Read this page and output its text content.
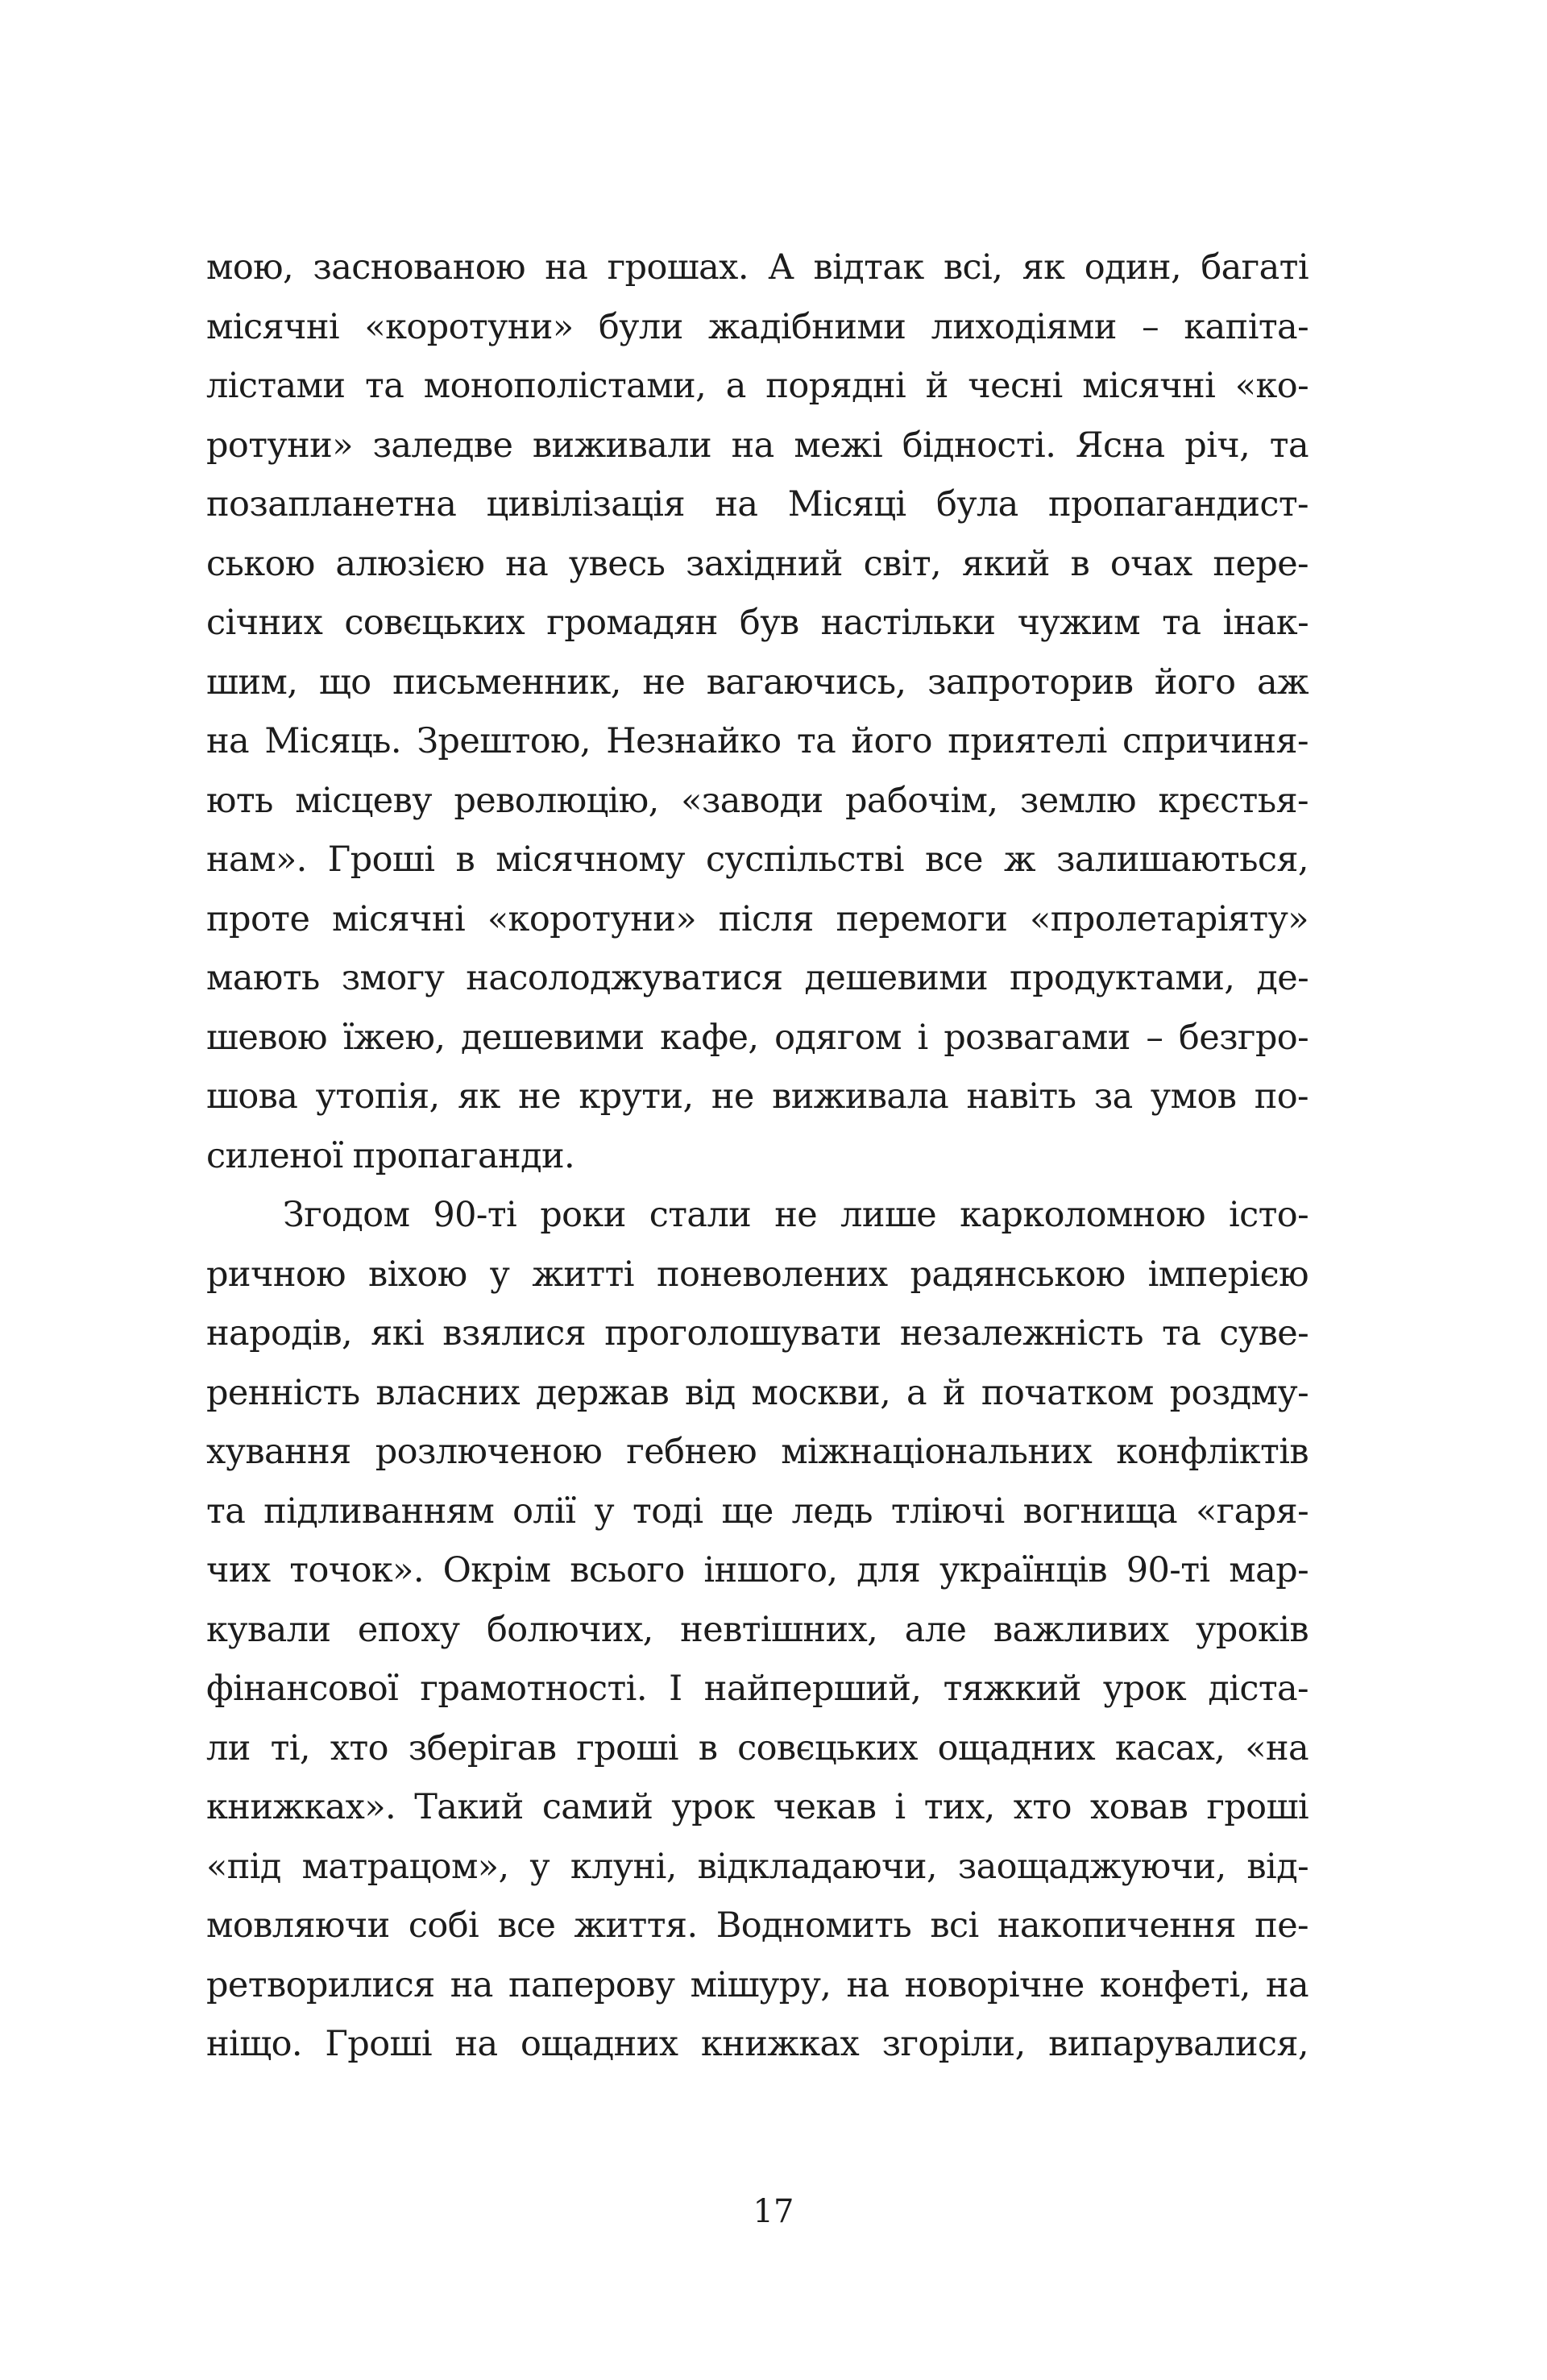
мою, заснованою на грошах. А відтак всі, як один, багаті
місячні «коротуни» були жадібними лиходіями – капіта-
лістами та монополістами, а порядні й чесні місячні «ко-
ротуни» заледве виживали на межі бідності. Ясна річ, та
позапланетна цивілізація на Місяці була пропагандист-
ською алюзією на увесь західний світ, який в очах пере-
січних совєцьких громадян був настільки чужим та інак-
шим, що письменник, не вагаючись, запроторив його аж
на Місяць. Зрештою, Незнайко та його приятелі спричиня-
ють місцеву революцію, «заводи рабочім, землю крєстья-
нам». Гроші в місячному суспільстві все ж залишаються,
проте місячні «коротуни» після перемоги «пролетаріяту»
мають змогу насолоджуватися дешевими продуктами, де-
шевою їжею, дешевими кафе, одягом і розвагами – безгро-
шова утопія, як не крути, не виживала навіть за умов по-
силеної пропаганди.
Згодом 90-ті роки стали не лише карколомною істо-
ричною віхою у житті поневолених радянською імперією
народів, які взялися проголошувати незалежність та суве-
ренність власних держав від москви, а й початком роздму-
хування розлюченою гебнею міжнаціональних конфліктів
та підливанням олії у тоді ще ледь тліючі вогнища «гаря-
чих точок». Окрім всього іншого, для українців 90-ті мар-
кували епоху болючих, невтішних, але важливих уроків
фінансової грамотності. І найперший, тяжкий урок діста-
ли ті, хто зберігав гроші в совєцьких ощадних касах, «на
книжках». Такий самий урок чекав і тих, хто ховав гроші
«під матрацом», у клуні, відкладаючи, заощаджуючи, від-
мовляючи собі все життя. Водномить всі накопичення пе-
ретворилися на паперову мішуру, на новорічне конфеті, на
ніщо. Гроші на ощадних книжках згоріли, випарувалися,
17
